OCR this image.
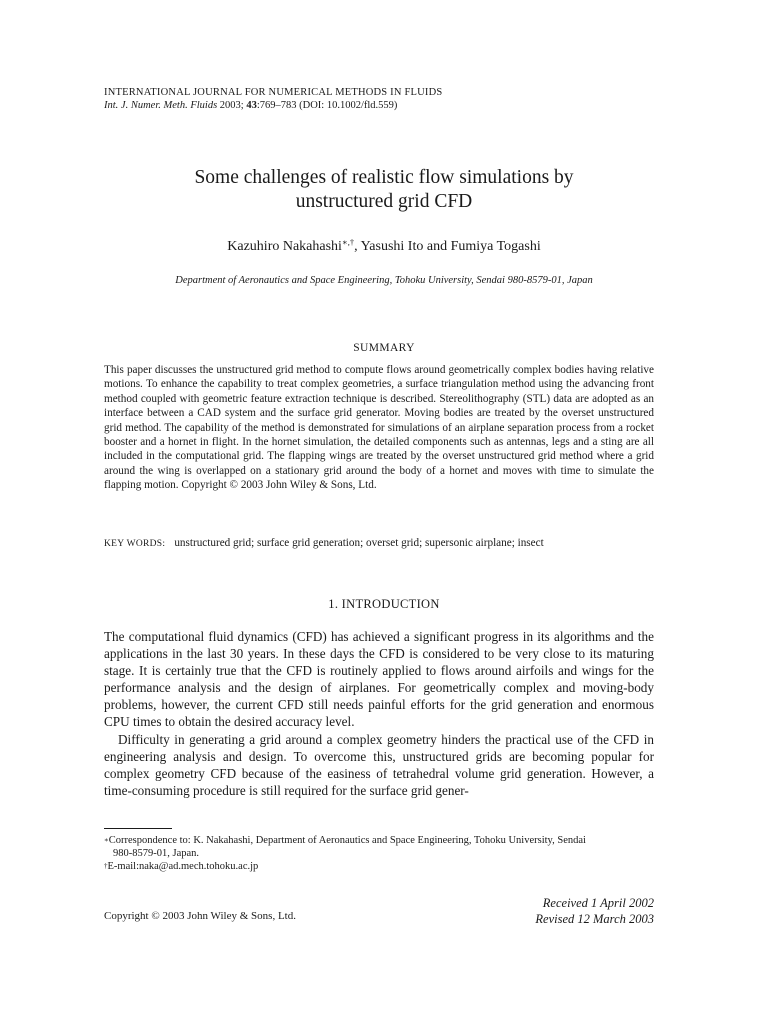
INTERNATIONAL JOURNAL FOR NUMERICAL METHODS IN FLUIDS
Int. J. Numer. Meth. Fluids 2003; 43:769–783 (DOI: 10.1002/fld.559)
Some challenges of realistic flow simulations by
unstructured grid CFD
Kazuhiro Nakahashi∗,†, Yasushi Ito and Fumiya Togashi
Department of Aeronautics and Space Engineering, Tohoku University, Sendai 980-8579-01, Japan
SUMMARY
This paper discusses the unstructured grid method to compute flows around geometrically complex bodies having relative motions. To enhance the capability to treat complex geometries, a surface triangulation method using the advancing front method coupled with geometric feature extraction technique is described. Stereolithography (STL) data are adopted as an interface between a CAD system and the surface grid generator. Moving bodies are treated by the overset unstructured grid method. The capability of the method is demonstrated for simulations of an airplane separation process from a rocket booster and a hornet in flight. In the hornet simulation, the detailed components such as antennas, legs and a sting are all included in the computational grid. The flapping wings are treated by the overset unstructured grid method where a grid around the wing is overlapped on a stationary grid around the body of a hornet and moves with time to simulate the flapping motion. Copyright © 2003 John Wiley & Sons, Ltd.
KEY WORDS: unstructured grid; surface grid generation; overset grid; supersonic airplane; insect
1. INTRODUCTION

The computational fluid dynamics (CFD) has achieved a significant progress in its algorithms and the applications in the last 30 years. In these days the CFD is considered to be very close to its maturing stage. It is certainly true that the CFD is routinely applied to flows around airfoils and wings for the performance analysis and the design of airplanes. For geometrically complex and moving-body problems, however, the current CFD still needs painful efforts for the grid generation and enormous CPU times to obtain the desired accuracy level.

Difficulty in generating a grid around a complex geometry hinders the practical use of the CFD in engineering analysis and design. To overcome this, unstructured grids are becoming popular for complex geometry CFD because of the easiness of tetrahedral volume grid generation. However, a time-consuming procedure is still required for the surface grid gener-

∗Correspondence to: K. Nakahashi, Department of Aeronautics and Space Engineering, Tohoku University, Sendai

980-8579-01, Japan.

†E-mail:naka@ad.mech.tohoku.ac.jp

Received 1 April 2002
Revised 12 March 2003
Copyright © 2003 John Wiley & Sons, Ltd.
